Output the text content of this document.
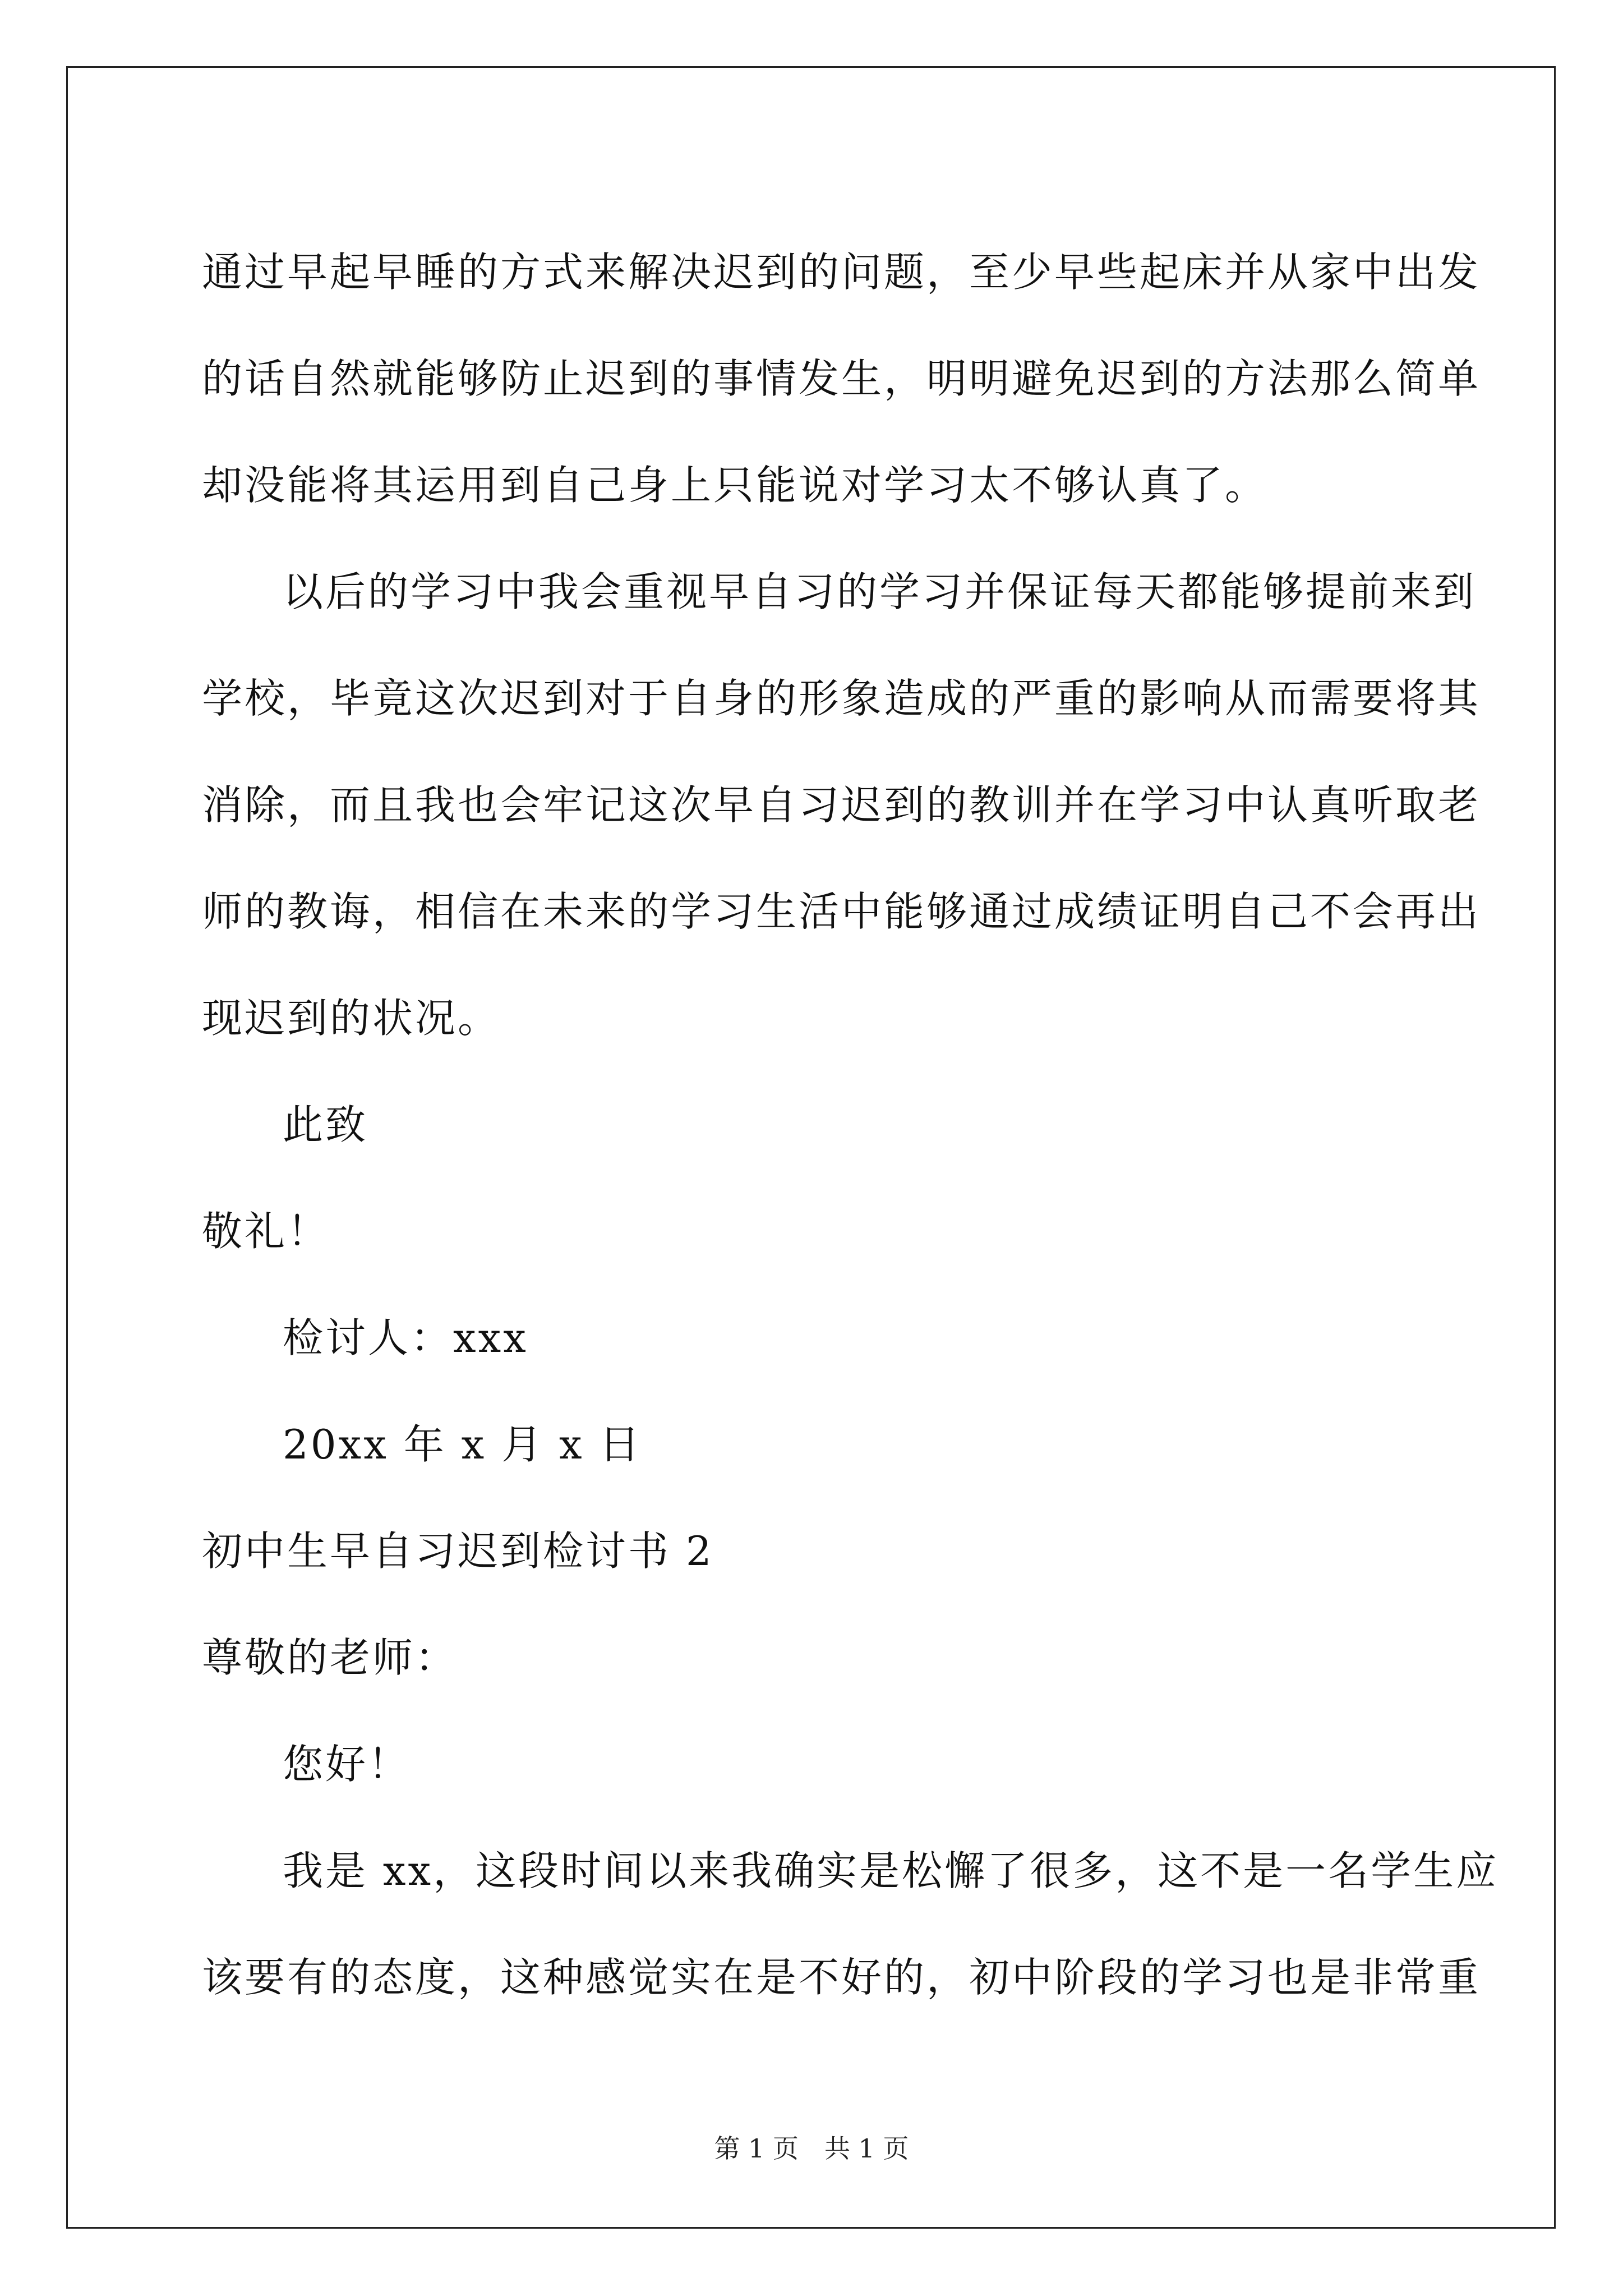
通过早起早睡的方式来解决迟到的问题，至少早些起床并从家中出发
的话自然就能够防止迟到的事情发生，明明避免迟到的方法那么简单
却没能将其运用到自己身上只能说对学习太不够认真了。
以后的学习中我会重视早自习的学习并保证每天都能够提前来到
学校，毕竟这次迟到对于自身的形象造成的严重的影响从而需要将其
消除，而且我也会牢记这次早自习迟到的教训并在学习中认真听取老
师的教诲，相信在未来的学习生活中能够通过成绩证明自己不会再出
现迟到的状况。
此致
敬礼！
检讨人：xxx
20xx 年 x 月 x 日
初中生早自习迟到检讨书 2
尊敬的老师：
您好！
我是 xx，这段时间以来我确实是松懈了很多，这不是一名学生应
该要有的态度，这种感觉实在是不好的，初中阶段的学习也是非常重
第 1 页　共 1 页
